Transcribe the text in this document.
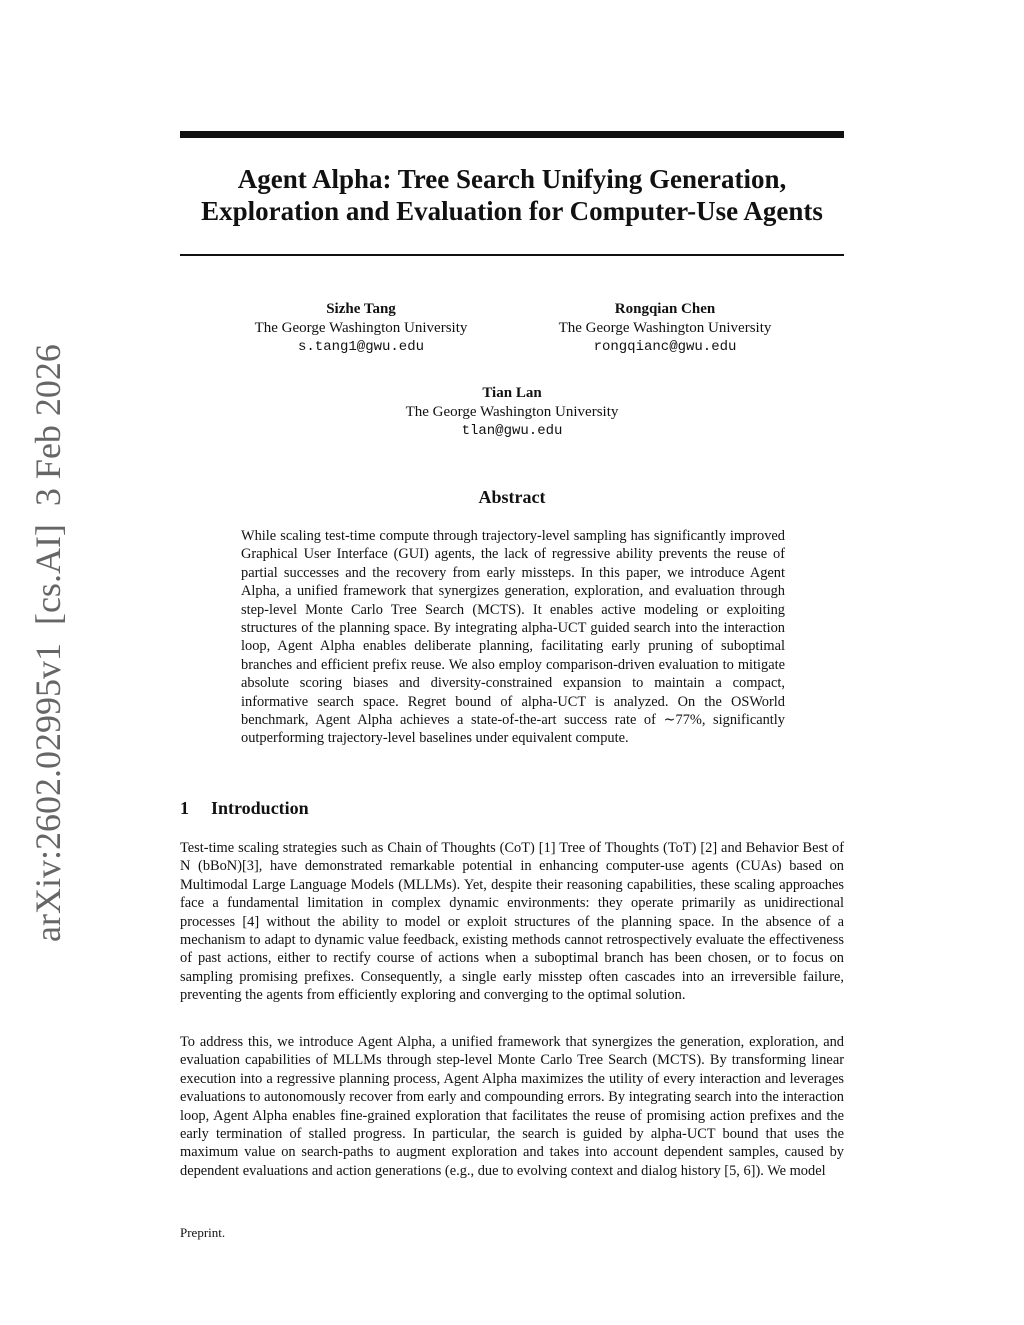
arXiv:2602.02995v1[cs.AI]3 Feb 2026
Agent Alpha: Tree Search Unifying Generation,
Exploration and Evaluation for Computer-Use Agents
Sizhe Tang
The George Washington University
s.tang1@gwu.edu
Rongqian Chen
The George Washington University
rongqianc@gwu.edu
Tian Lan
The George Washington University
tlan@gwu.edu
Abstract

While scaling test-time compute through trajectory-level sampling has significantly improved Graphical User Interface (GUI) agents, the lack of regressive ability prevents the reuse of partial successes and the recovery from early missteps. In this paper, we introduce Agent Alpha, a unified framework that synergizes generation, exploration, and evaluation through step-level Monte Carlo Tree Search (MCTS). It enables active modeling or exploiting structures of the planning space. By integrating alpha-UCT guided search into the interaction loop, Agent Alpha enables deliberate planning, facilitating early pruning of suboptimal branches and efficient prefix reuse. We also employ comparison-driven evaluation to mitigate absolute scoring biases and diversity-constrained expansion to maintain a compact, informative search space. Regret bound of alpha-UCT is analyzed. On the OSWorld benchmark, Agent Alpha achieves a state-of-the-art success rate of ∼77%, significantly outperforming trajectory-level baselines under equivalent compute.

1 Introduction

Test-time scaling strategies such as Chain of Thoughts (CoT) [1] Tree of Thoughts (ToT) [2] and Behavior Best of N (bBoN)[3], have demonstrated remarkable potential in enhancing computer-use agents (CUAs) based on Multimodal Large Language Models (MLLMs). Yet, despite their reasoning capabilities, these scaling approaches face a fundamental limitation in complex dynamic environments: they operate primarily as unidirectional processes [4] without the ability to model or exploit structures of the planning space. In the absence of a mechanism to adapt to dynamic value feedback, existing methods cannot retrospectively evaluate the effectiveness of past actions, either to rectify course of actions when a suboptimal branch has been chosen, or to focus on sampling promising prefixes. Consequently, a single early misstep often cascades into an irreversible failure, preventing the agents from efficiently exploring and converging to the optimal solution.

To address this, we introduce Agent Alpha, a unified framework that synergizes the generation, exploration, and evaluation capabilities of MLLMs through step-level Monte Carlo Tree Search (MCTS). By transforming linear execution into a regressive planning process, Agent Alpha maximizes the utility of every interaction and leverages evaluations to autonomously recover from early and compounding errors. By integrating search into the interaction loop, Agent Alpha enables fine-grained exploration that facilitates the reuse of promising action prefixes and the early termination of stalled progress. In particular, the search is guided by alpha-UCT bound that uses the maximum value on search-paths to augment exploration and takes into account dependent samples, caused by dependent evaluations and action generations (e.g., due to evolving context and dialog history [5, 6]). We model

Preprint.
